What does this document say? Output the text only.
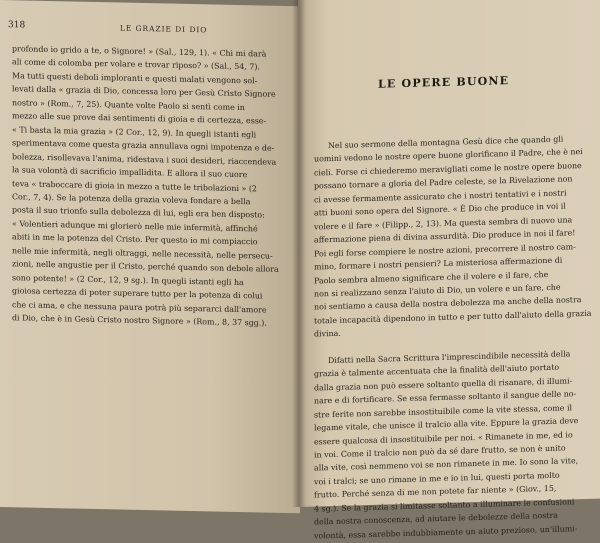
318	LE GRAZIE DI DIO
profondo io grido a te, o Signore! » (Sal., 129, 1). « Chi mi darà
ali come di colomba per volare e trovar riposo? » (Sal., 54, 7).
Ma tutti questi deboli imploranti e questi malati vengono sol-
levati dalla « grazia di Dio, concessa loro per Gesù Cristo Signore
nostro » (Rom., 7, 25). Quante volte Paolo si sentì come in
mezzo alle sue prove dai sentimenti di gioia e di certezza, esse-
« Ti basta la mia grazia » (2 Cor., 12, 9). In quegli istanti egli
sperimentava come questa grazia annullava ogni impotenza e de-
bolezza, risollevava l'anima, ridestava i suoi desideri, riaccendeva
la sua volontà di sacrificio impallidita. E allora il suo cuore
teva « traboccare di gioia in mezzo a tutte le tribolazioni » (2
Cor., 7, 4). Se la potenza della grazia voleva fondare a bella
posta il suo trionfo sulla debolezza di lui, egli era ben disposto:
« Volentieri adunque mi glorierò nelle mie infermità, affinché
abiti in me la potenza del Cristo. Per questo io mi compiaccio
nelle mie infermità, negli oltraggi, nelle necessità, nelle persecu-
zioni, nelle angustie per il Cristo, perché quando son debole allora
sono potente! » (2 Cor., 12, 9 sg.). In quegli istanti egli ha
gioiosa certezza di poter superare tutto per la potenza di colui
che ci ama, e che nessuna paura potrà più separarci dall'amore
di Dio, che è in Gesù Cristo nostro Signore » (Rom., 8, 37 sgg.).
LE OPERE BUONE
Nel suo sermone della montagna Gesù dice che quando gli
uomini vedono le nostre opere buone glorificano il Padre, che è nei
cieli. Forse ci chiederemo meravigliati come le nostre opere buone
possano tornare a gloria del Padre celeste, se la Rivelazione non
ci avesse fermamente assicurato che i nostri tentativi e i nostri
atti buoni sono opera del Signore. « È Dio che produce in voi il
volere e il fare » (Filipp., 2, 13). Ma questa sembra di nuovo una
affermazione piena di divina assurdità. Dio produce in noi il fare!
Poi egli forse compiere le nostre azioni, precorrere il nostro cam-
mino, formare i nostri pensieri? La misteriosa affermazione di
Paolo sembra almeno significare che il volere e il fare, che
non si realizzano senza l'aiuto di Dio, un volere e un fare, che
noi sentiamo a causa della nostra debolezza ma anche della nostra
totale incapacità dipendono in tutto e per tutto dall'aiuto della grazia
divina.
Difatti nella Sacra Scrittura l'imprescindibile necessità della
grazia è talmente accentuata che la finalità dell'aiuto portato
dalla grazia non può essere soltanto quella di risanare, di illumi-
nare e di fortificare. Se essa fermasse soltanto il sangue delle no-
stre ferite non sarebbe insostituibile come la vite stessa, come il
legame vitale, che unisce il tralcio alla vite. Eppure la grazia deve
essere qualcosa di insostituibile per noi. « Rimanete in me, ed io
in voi. Come il tralcio non può da sé dare frutto, se non è unito
alla vite, così nemmeno voi se non rimanete in me. Io sono la vite,
voi i tralci; se uno rimane in me e io in lui, questi porta molto
frutto. Perché senza di me non potete far niente » (Giov., 15,
4 sg.). Se la grazia si limitasse soltanto a illuminare le confusioni
della nostra conoscenza, ad aiutare le debolezze della nostra
volontà, essa sarebbe indubbiamente un aiuto prezioso, un'illumi-
